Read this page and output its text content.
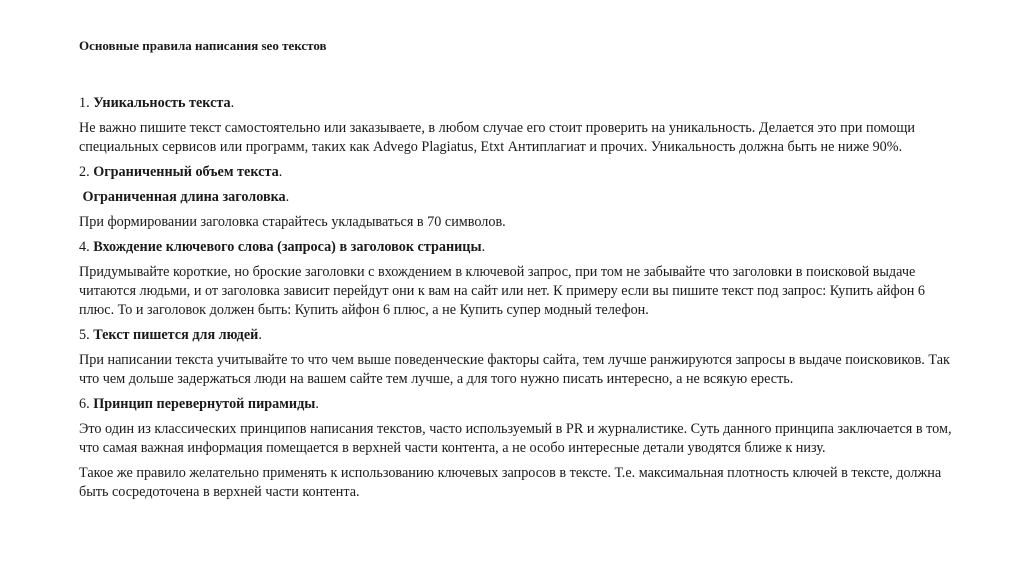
Основные правила написания seo текстов

1. Уникальность текста.

Не важно пишите текст самостоятельно или заказываете, в любом случае его стоит проверить на уникальность. Делается это при помощи специальных сервисов или программ, таких как Advego Plagiatus, Etxt Антиплагиат и прочих. Уникальность должна быть не ниже 90%.

2. Ограниченный объем текста.

Ограниченная длина заголовка.

При формировании заголовка старайтесь укладываться в 70 символов.

4. Вхождение ключевого слова (запроса) в заголовок страницы.

Придумывайте короткие, но броские заголовки с вхождением в ключевой запрос, при том не забывайте что заголовки в поисковой выдаче читаются людьми, и от заголовка зависит перейдут они к вам на сайт или нет. К примеру если вы пишите текст под запрос: Купить айфон 6 плюс. То и заголовок должен быть: Купить айфон 6 плюс, а не Купить супер модный телефон.

5. Текст пишется для людей.

При написании текста учитывайте то что чем выше поведенческие факторы сайта, тем лучше ранжируются запросы в выдаче поисковиков. Так что чем дольше задержаться люди на вашем сайте тем лучше, а для того нужно писать интересно, а не всякую ересть.

6. Принцип перевернутой пирамиды.

Это один из классических принципов написания текстов, часто используемый в PR и журналистике. Суть данного принципа заключается в том, что самая важная информация помещается в верхней части контента, а не особо интересные детали уводятся ближе к низу.

Такое же правило желательно применять к использованию ключевых запросов в тексте. Т.е. максимальная плотность ключей в тексте, должна быть сосредоточена в верхней части контента.
